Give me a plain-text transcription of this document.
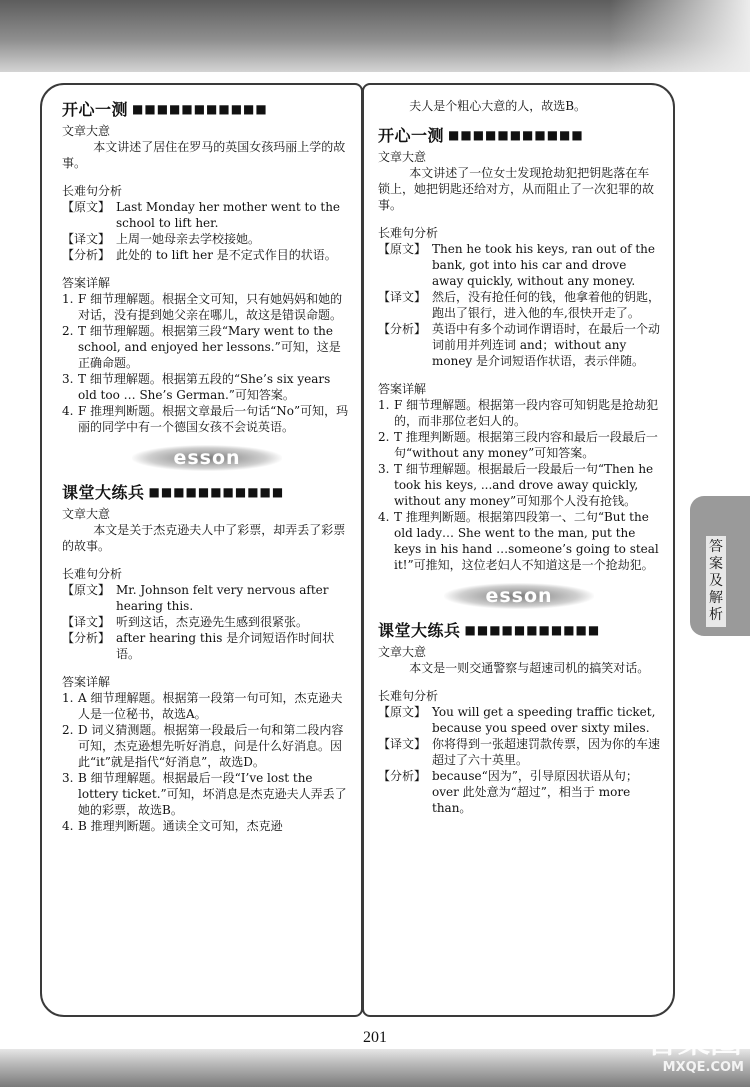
答案及解析
开心一测 ■■■■■■■■■■■
文章大意
本文讲述了居住在罗马的英国女孩玛丽上学的故事。
长难句分析
【原文】 Last Monday her mother went to the school to lift her.
【译文】 上周一她母亲去学校接她。
【分析】 此处的 to lift her 是不定式作目的状语。
答案详解
1. F 细节理解题。根据全文可知，只有她妈妈和她的对话，没有提到她父亲在哪儿，故这是错误命题。
2. T 细节理解题。根据第三段“Mary went to the school, and enjoyed her lessons.”可知，这是正确命题。
3. T 细节理解题。根据第五段的“She’s six years old too … She’s German.”可知答案。
4. F 推理判断题。根据文章最后一句话“No”可知，玛丽的同学中有一个德国女孩不会说英语。
esson
课堂大练兵 ■■■■■■■■■■■
文章大意
本文是关于杰克逊夫人中了彩票，却弄丢了彩票的故事。
长难句分析
【原文】 Mr. Johnson felt very nervous after hearing this.
【译文】 听到这话，杰克逊先生感到很紧张。
【分析】 after hearing this 是介词短语作时间状语。
答案详解
1. A 细节理解题。根据第一段第一句可知，杰克逊夫人是一位秘书，故选A。
2. D 词义猜测题。根据第一段最后一句和第二段内容可知，杰克逊想先听好消息，问是什么好消息。因此“it”就是指代“好消息”，故选D。
3. B 细节理解题。根据最后一段“I’ve lost the lottery ticket.”可知，坏消息是杰克逊夫人弄丢了她的彩票，故选B。
4. B 推理判断题。通读全文可知，杰克逊
夫人是个粗心大意的人，故选B。
开心一测 ■■■■■■■■■■■
文章大意
本文讲述了一位女士发现抢劫犯把钥匙落在车锁上，她把钥匙还给对方，从而阻止了一次犯罪的故事。
长难句分析
【原文】 Then he took his keys, ran out of the bank, got into his car and drove away quickly, without any money.
【译文】 然后，没有抢任何的钱，他拿着他的钥匙，跑出了银行，进入他的车,很快开走了。
【分析】 英语中有多个动词作谓语时，在最后一个动词前用并列连词 and；without any money 是介词短语作状语，表示伴随。
答案详解
1. F 细节理解题。根据第一段内容可知钥匙是抢劫犯的，而非那位老妇人的。
2. T 推理判断题。根据第三段内容和最后一段最后一句“without any money”可知答案。
3. T 细节理解题。根据最后一段最后一句“Then he took his keys, ...and drove away quickly, without any money”可知那个人没有抢钱。
4. T 推理判断题。根据第四段第一、二句“But the old lady… She went to the man, put the keys in his hand …someone’s going to steal it!”可推知，这位老妇人不知道这是一个抢劫犯。
esson
课堂大练兵 ■■■■■■■■■■■
文章大意
本文是一则交通警察与超速司机的搞笑对话。
长难句分析
【原文】 You will get a speeding traffic ticket, because you speed over sixty miles.
【译文】 你将得到一张超速罚款传票，因为你的车速超过了六十英里。
【分析】 because“因为”，引导原因状语从句；over 此处意为“超过”，相当于 more than。
201	答案圈
MXQE.COM
